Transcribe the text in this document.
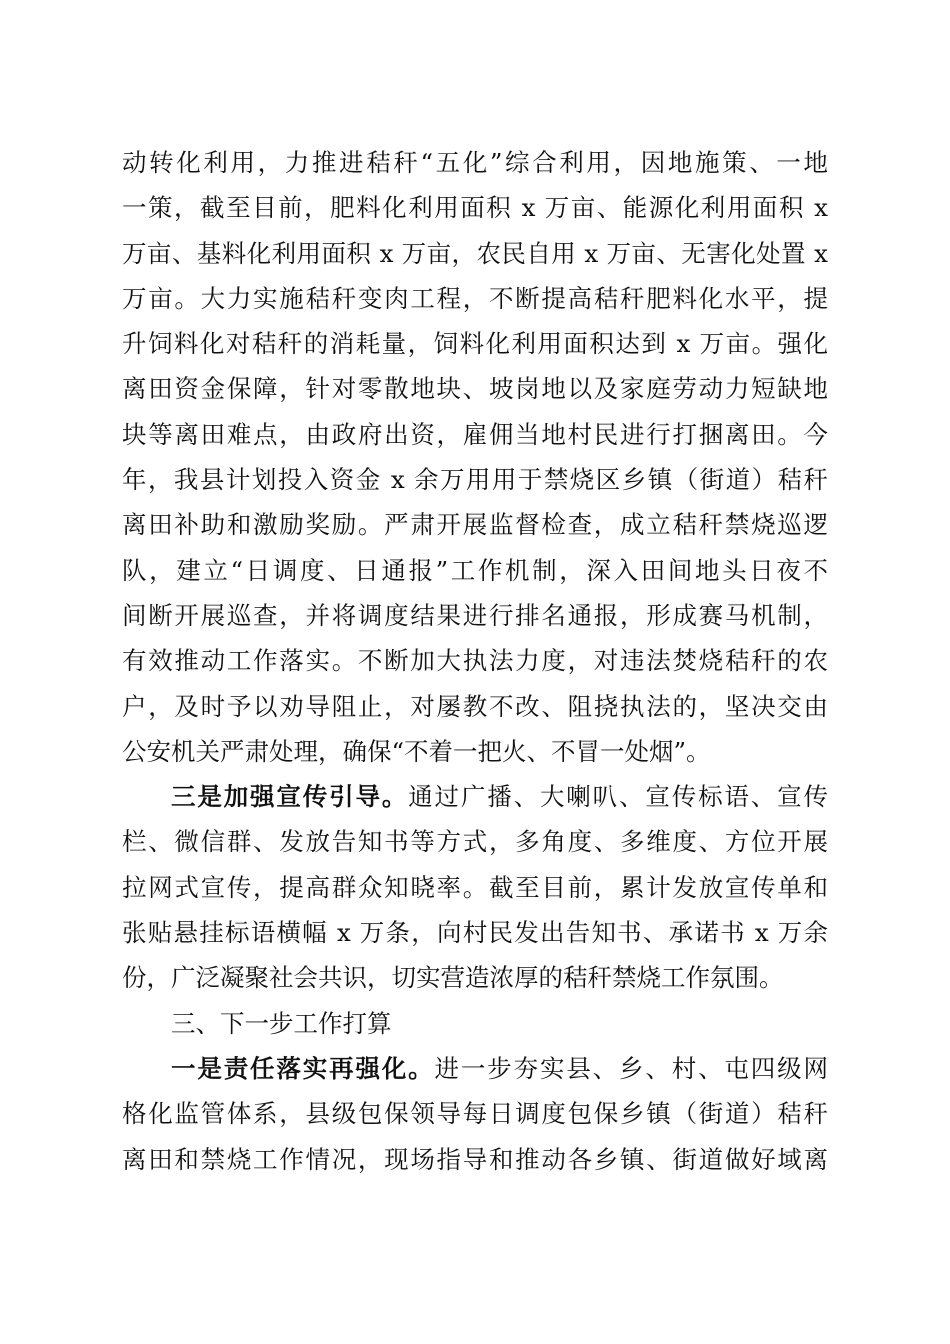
动转化利用，力推进秸秆“五化”综合利用，因地施策、一地
一策，截至目前，肥料化利用面积 x 万亩、能源化利用面积 x
万亩、基料化利用面积 x 万亩，农民自用 x 万亩、无害化处置 x
万亩。大力实施秸秆变肉工程，不断提高秸秆肥料化水平，提
升饲料化对秸秆的消耗量，饲料化利用面积达到 x 万亩。强化
离田资金保障，针对零散地块、坡岗地以及家庭劳动力短缺地
块等离田难点，由政府出资，雇佣当地村民进行打捆离田。今
年，我县计划投入资金 x 余万用用于禁烧区乡镇（街道）秸秆
离田补助和激励奖励。严肃开展监督检查，成立秸秆禁烧巡逻
队，建立“日调度、日通报”工作机制，深入田间地头日夜不
间断开展巡查，并将调度结果进行排名通报，形成赛马机制，
有效推动工作落实。不断加大执法力度，对违法焚烧秸秆的农
户，及时予以劝导阻止，对屡教不改、阻挠执法的，坚决交由
公安机关严肃处理，确保“不着一把火、不冒一处烟”。
三是加强宣传引导。通过广播、大喇叭、宣传标语、宣传
栏、微信群、发放告知书等方式，多角度、多维度、方位开展
拉网式宣传，提高群众知晓率。截至目前，累计发放宣传单和
张贴悬挂标语横幅 x 万条，向村民发出告知书、承诺书 x 万余
份，广泛凝聚社会共识，切实营造浓厚的秸秆禁烧工作氛围。
三、下一步工作打算
一是责任落实再强化。进一步夯实县、乡、村、屯四级网
格化监管体系，县级包保领导每日调度包保乡镇（街道）秸秆
离田和禁烧工作情况，现场指导和推动各乡镇、街道做好域离
